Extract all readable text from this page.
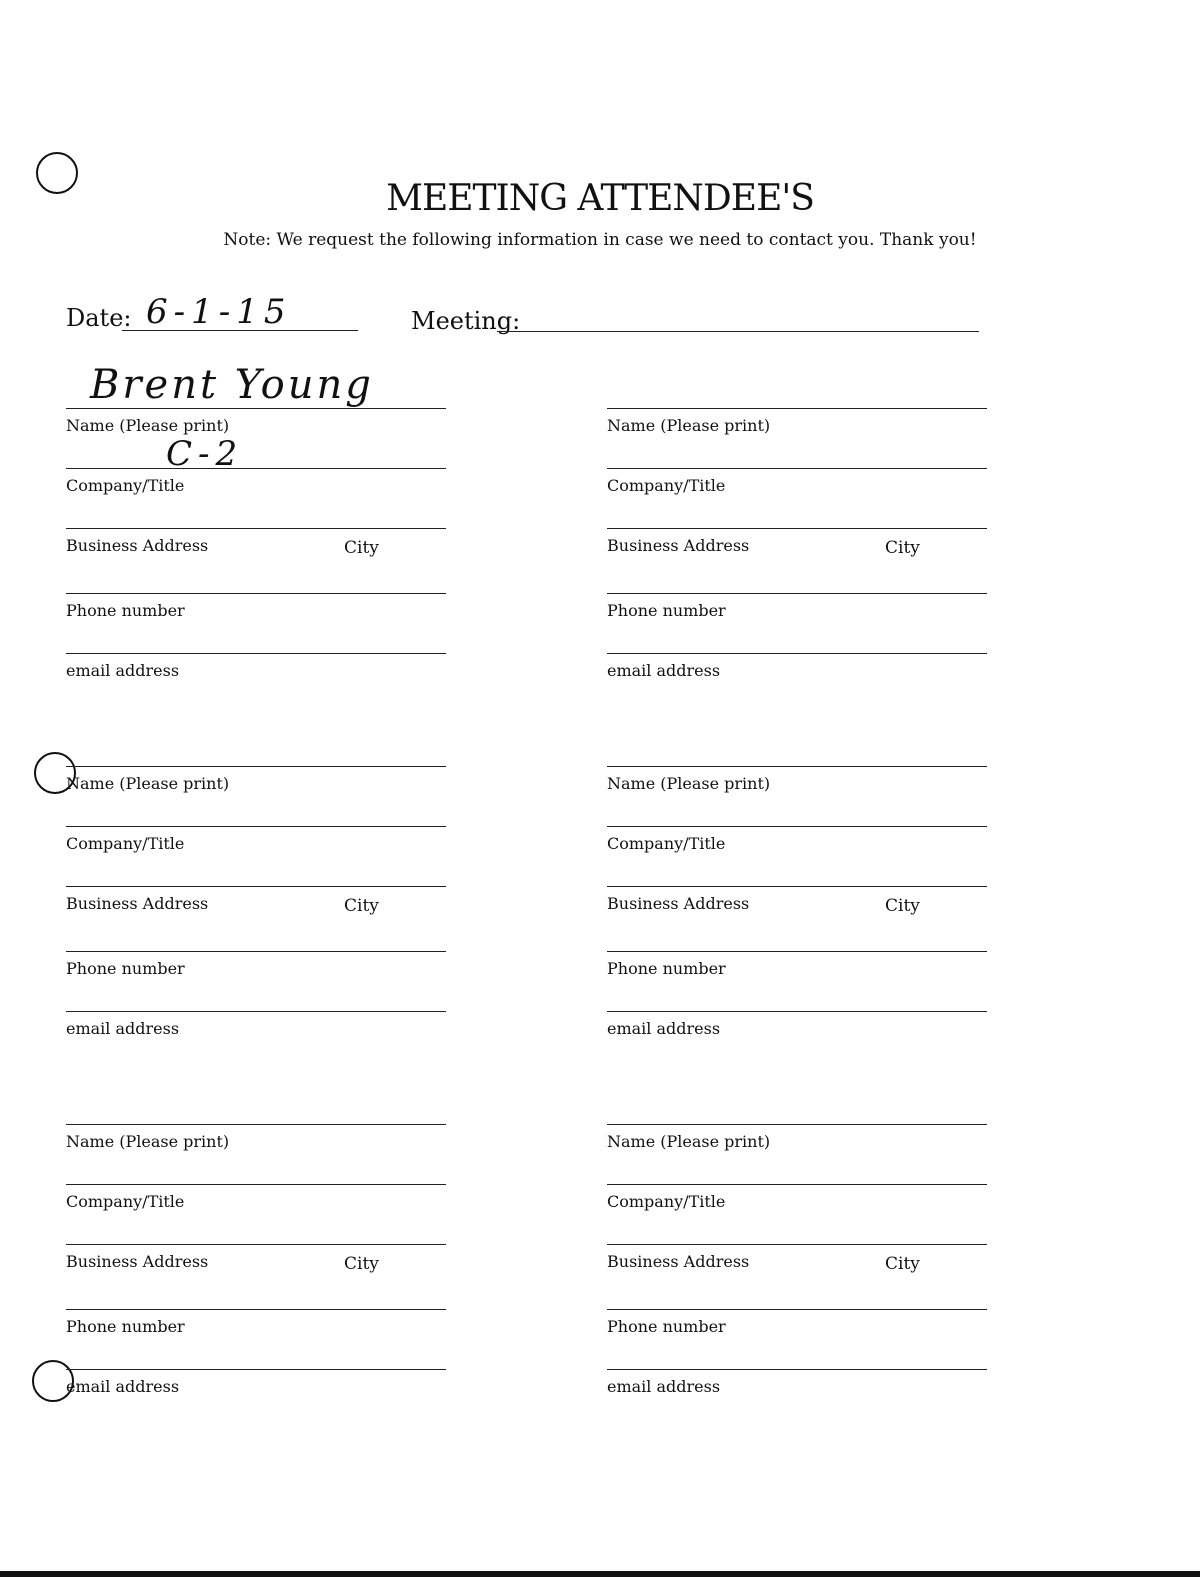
MEETING ATTENDEE'S
Note: We request the following information in case we need to contact you. Thank you!
Date: 6-1-15	Meeting:
Name (Please print)
Brent Young
Company/Title
C-2
Business Address	City
Phone number
email address
Name (Please print)
Company/Title
Business Address	City
Phone number
email address
Name (Please print)
Company/Title
Business Address	City
Phone number
email address
Name (Please print)
Company/Title
Business Address	City
Phone number
email address
Name (Please print)
Company/Title
Business Address	City
Phone number
email address
Name (Please print)
Company/Title
Business Address	City
Phone number
email address
